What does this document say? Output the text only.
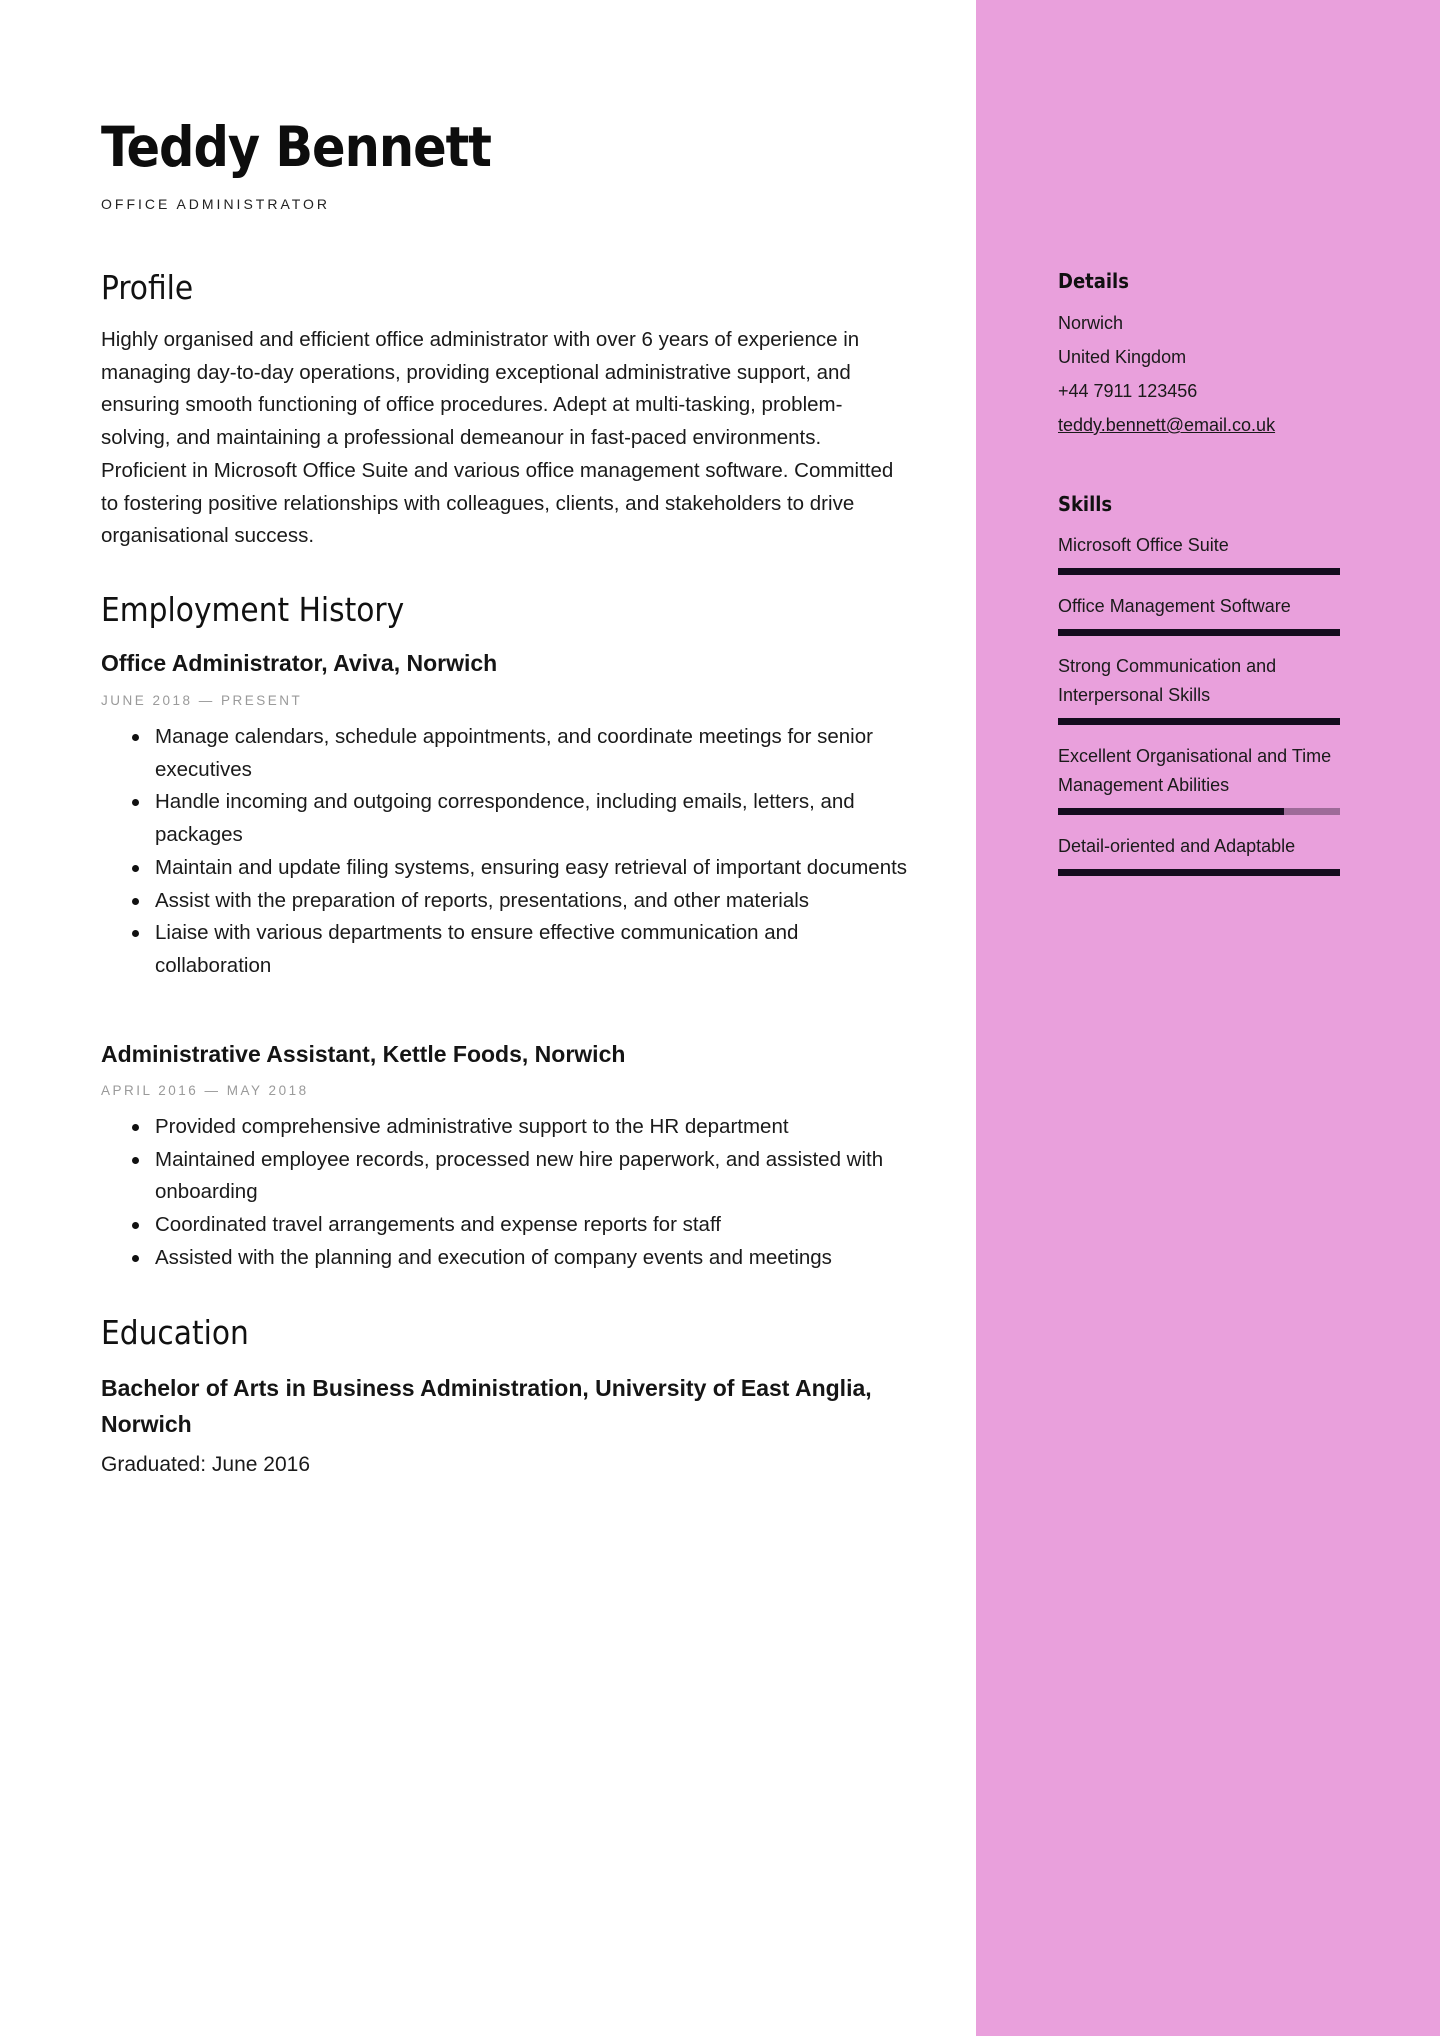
Teddy Bennett
OFFICE ADMINISTRATOR
Profile
Highly organised and efficient office administrator with over 6 years of experience in managing day-to-day operations, providing exceptional administrative support, and ensuring smooth functioning of office procedures. Adept at multi-tasking, problem-solving, and maintaining a professional demeanour in fast-paced environments. Proficient in Microsoft Office Suite and various office management software. Committed to fostering positive relationships with colleagues, clients, and stakeholders to drive organisational success.
Employment History
Office Administrator, Aviva, Norwich
JUNE 2018 — PRESENT
Manage calendars, schedule appointments, and coordinate meetings for senior executives
Handle incoming and outgoing correspondence, including emails, letters, and packages
Maintain and update filing systems, ensuring easy retrieval of important documents
Assist with the preparation of reports, presentations, and other materials
Liaise with various departments to ensure effective communication and collaboration
Administrative Assistant, Kettle Foods, Norwich
APRIL 2016 — MAY 2018
Provided comprehensive administrative support to the HR department
Maintained employee records, processed new hire paperwork, and assisted with onboarding
Coordinated travel arrangements and expense reports for staff
Assisted with the planning and execution of company events and meetings
Education
Bachelor of Arts in Business Administration, University of East Anglia, Norwich
Graduated: June 2016
Details
Norwich
United Kingdom
+44 7911 123456
teddy.bennett@email.co.uk
Skills
Microsoft Office Suite
Office Management Software
Strong Communication and Interpersonal Skills
Excellent Organisational and Time Management Abilities
Detail-oriented and Adaptable
